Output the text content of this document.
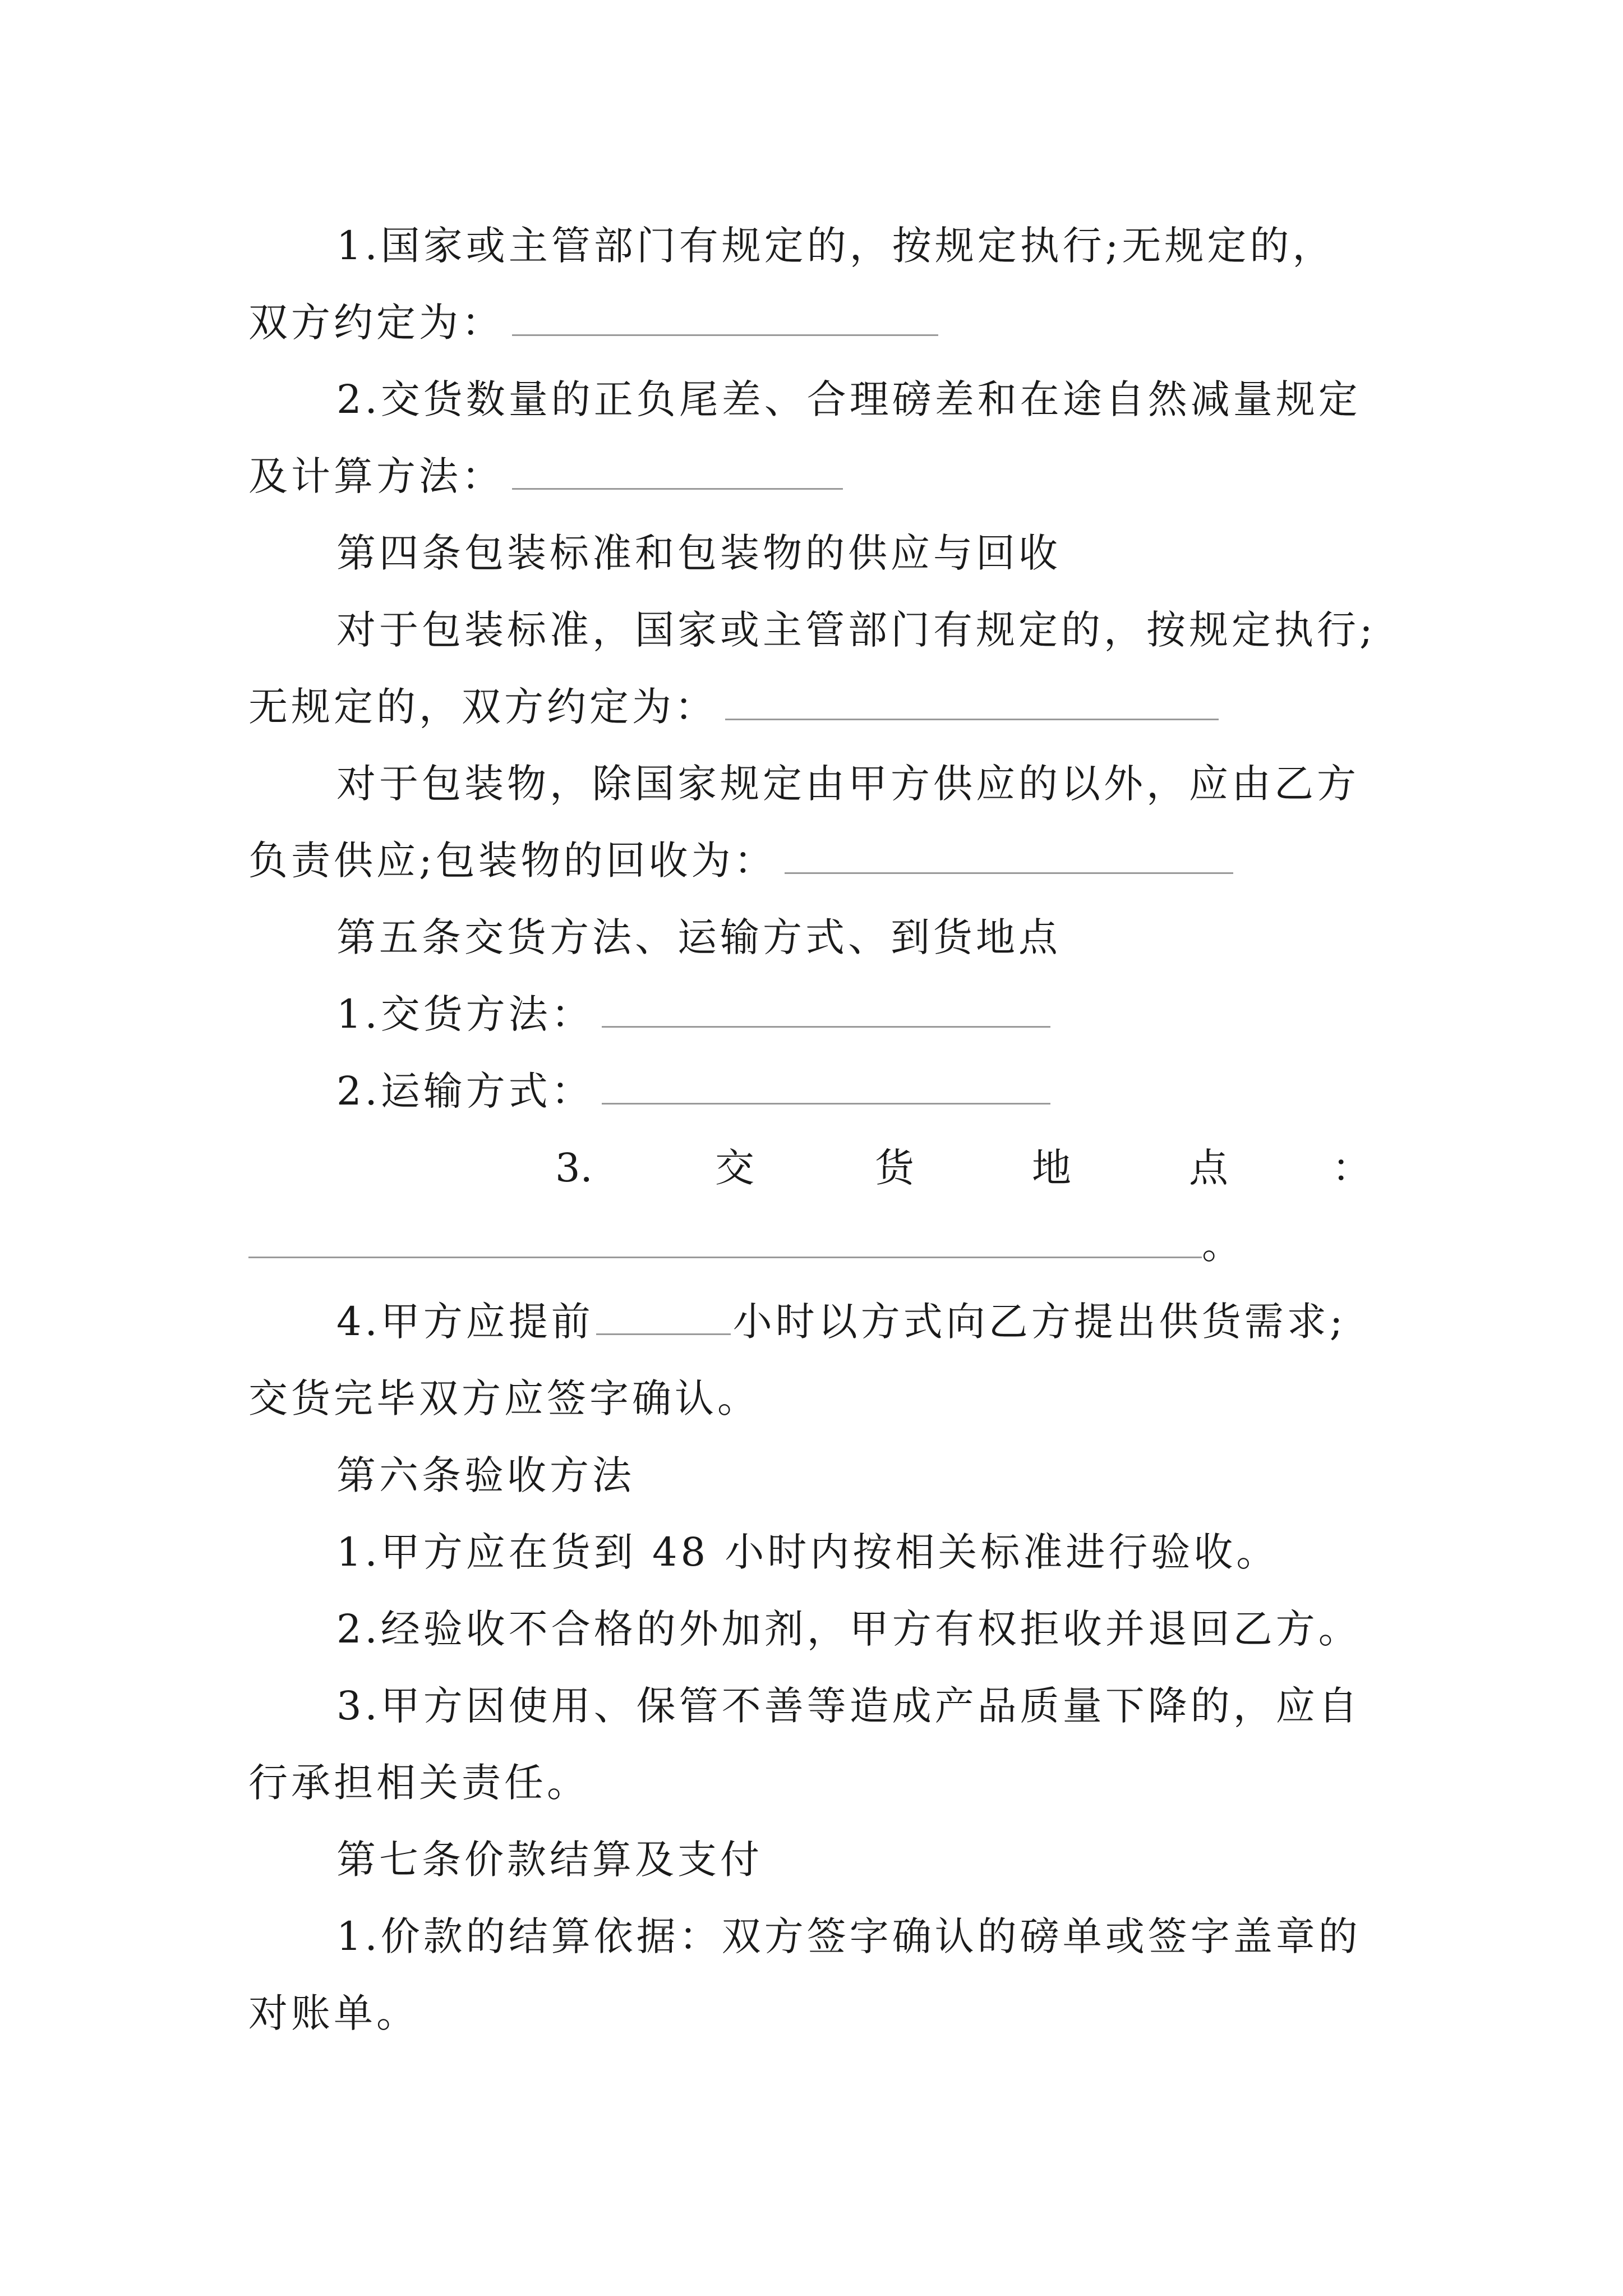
1.国家或主管部门有规定的，按规定执行;无规定的，
双方约定为：
2.交货数量的正负尾差、合理磅差和在途自然减量规定
及计算方法：
第四条包装标准和包装物的供应与回收
对于包装标准，国家或主管部门有规定的，按规定执行;
无规定的，双方约定为：
对于包装物，除国家规定由甲方供应的以外，应由乙方
负责供应;包装物的回收为：
第五条交货方法、运输方式、到货地点
1.交货方法：
2.运输方式：
3.	交	货	地	点	：
。
4.甲方应提前	小时以方式向乙方提出供货需求;
交货完毕双方应签字确认。
第六条验收方法
1.甲方应在货到 48 小时内按相关标准进行验收。
2.经验收不合格的外加剂，甲方有权拒收并退回乙方。
3.甲方因使用、保管不善等造成产品质量下降的，应自
行承担相关责任。
第七条价款结算及支付
1.价款的结算依据：双方签字确认的磅单或签字盖章的
对账单。
